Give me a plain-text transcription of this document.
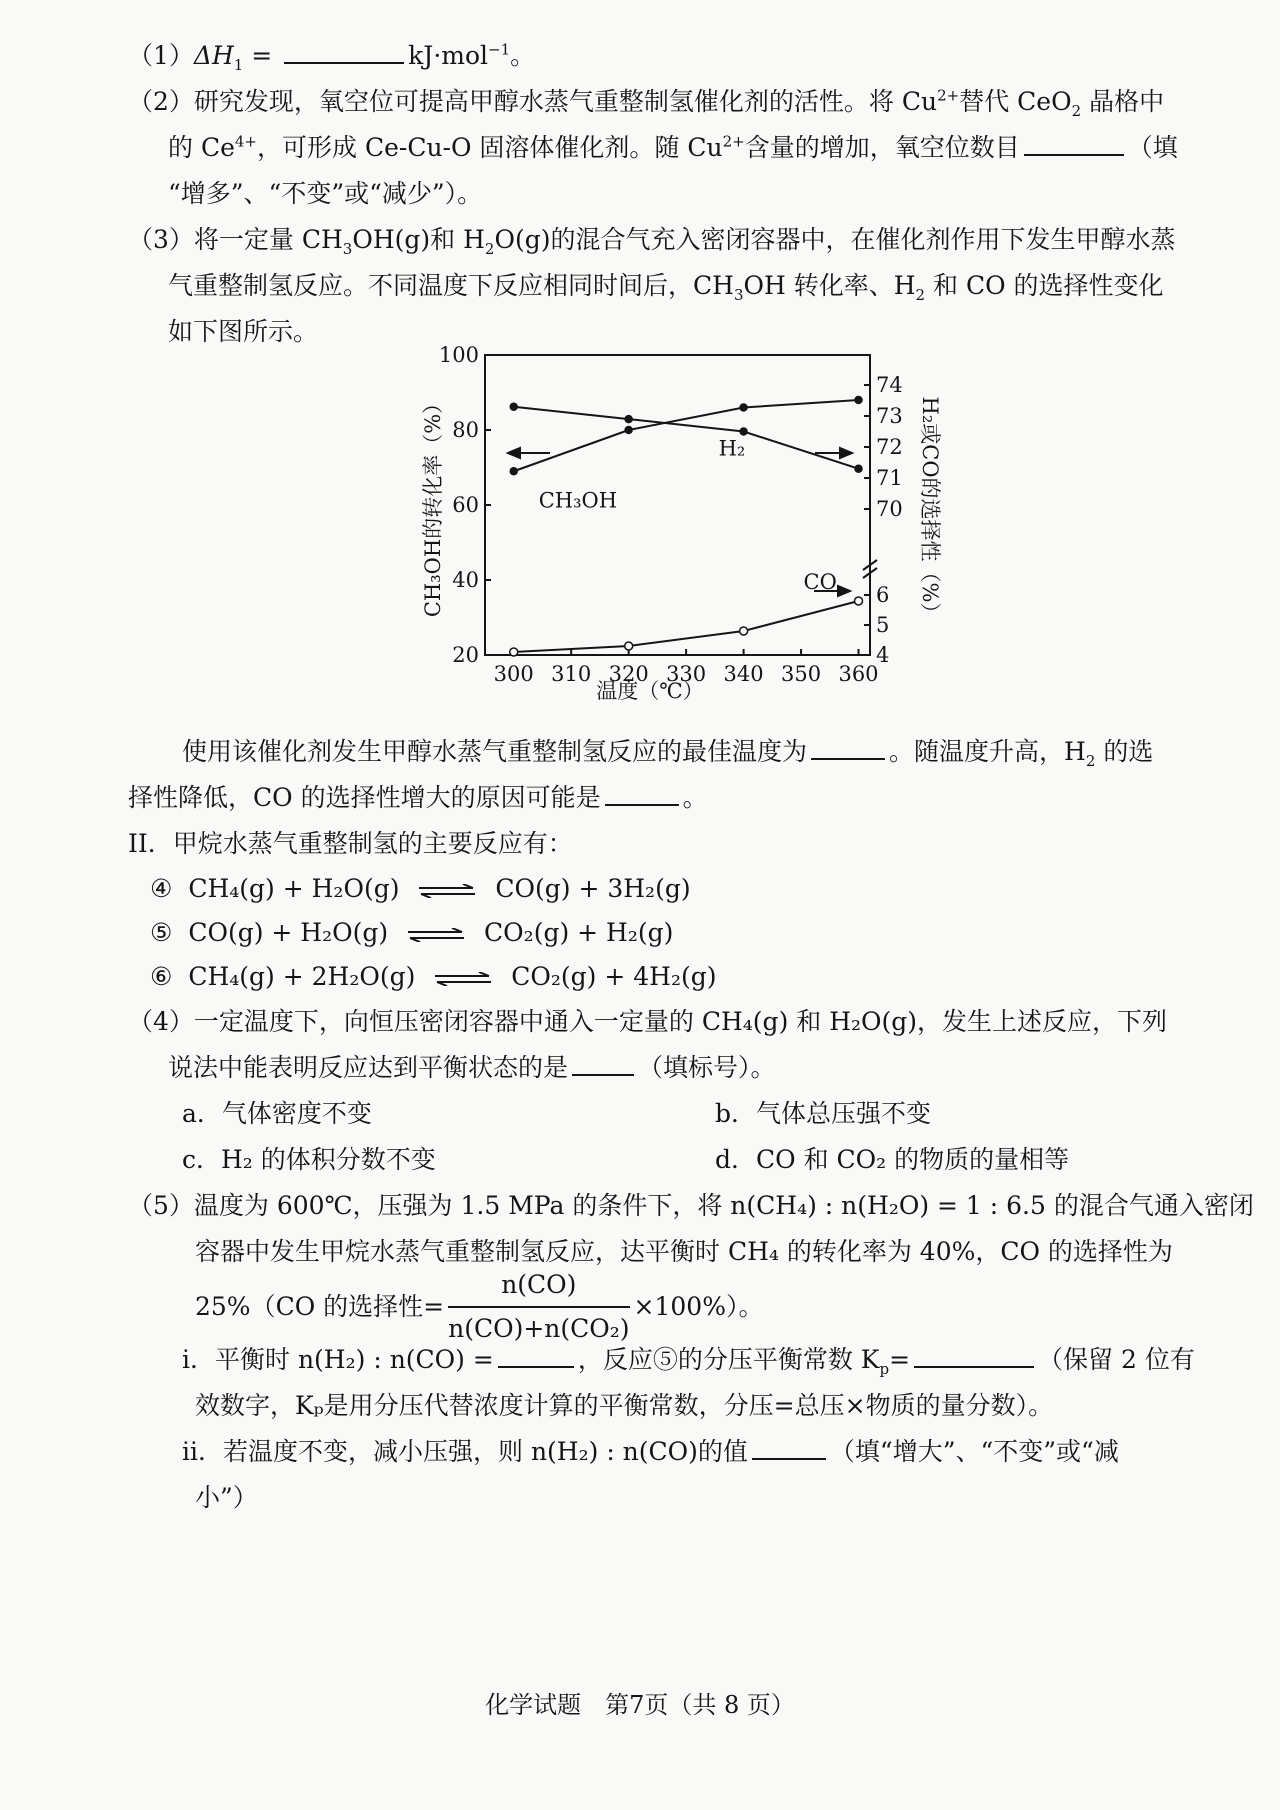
$(1)\Delta H_1$ =	kJ·mol$^{-1}$。
（2）研究发现，氧空位可提高甲醇水蒸气重整制氢催化剂的活性。将 $Cu^{2+}$替代 CeO$_2$ 晶格中
的 $Ce^{4+}$，可形成 Ce-Cu-O 固溶体催化剂。随 $Cu^{2+}$含量的增加，氧空位数目	（填
“增多”、“不变”或“减少”）。
（3）将一定量 $CH_3OH(g)$和 $H_2O(g)$的混合气充入密闭容器中，在催化剂作用下发生甲醇水蒸
气重整制氢反应。不同温度下反应相同时间后，$CH_3OH$ 转化率、$H_2$ 和 CO 的选择性变化
如下图所示。
20
40
60
80
100
70
71
72
73
74
4
5
6
300 310 320 330 340 350 360
CH₃OH
H₂
CO
CH₃OH的转化率（%）	H₂或CO的选择性（%）
温度（℃）
使用该催化剂发生甲醇水蒸气重整制氢反应的最佳温度为	。随温度升高，$H_2$ 的选
择性降低，CO 的选择性增大的原因可能是	。
II．甲烷水蒸气重整制氢的主要反应有：
④ CH₄(g) + H₂O(g) ⇌ CO(g) + 3H₂(g)
⑤ CO(g) + H₂O(g) ⇌ CO₂(g) + H₂(g)
⑥ CH₄(g) + 2H₂O(g) ⇌ CO₂(g) + 4H₂(g)
（4）一定温度下，向恒压密闭容器中通入一定量的 CH₄(g) 和 H₂O(g)，发生上述反应，下列
说法中能表明反应达到平衡状态的是	（填标号）。
a．气体密度不变	b．气体总压强不变
c．H₂ 的体积分数不变	d．CO 和 CO₂ 的物质的量相等
（5）温度为 600℃，压强为 1.5 MPa 的条件下，将 n(CH₄) : n(H₂O) = 1 : 6.5 的混合气通入密闭
容器中发生甲烷水蒸气重整制氢反应，达平衡时 CH₄ 的转化率为 40%，CO 的选择性为
25%（CO 的选择性= $\frac{n(CO)}{\text{n(CO)+n(CO₂)}} \times 100\%$）。
ⅰ．平衡时 n(H₂) : n(CO) =	，反应⑤的分压平衡常数 $K_p=$	（保留 2 位有
效数字，Kₚ是用分压代替浓度计算的平衡常数，分压=总压×物质的量分数）。
ⅱ．若温度不变，减小压强，则 n(H₂) : n(CO)的值	（填“增大”、“不变”或“减
小”）
化学试题　第7页（共 8 页）
